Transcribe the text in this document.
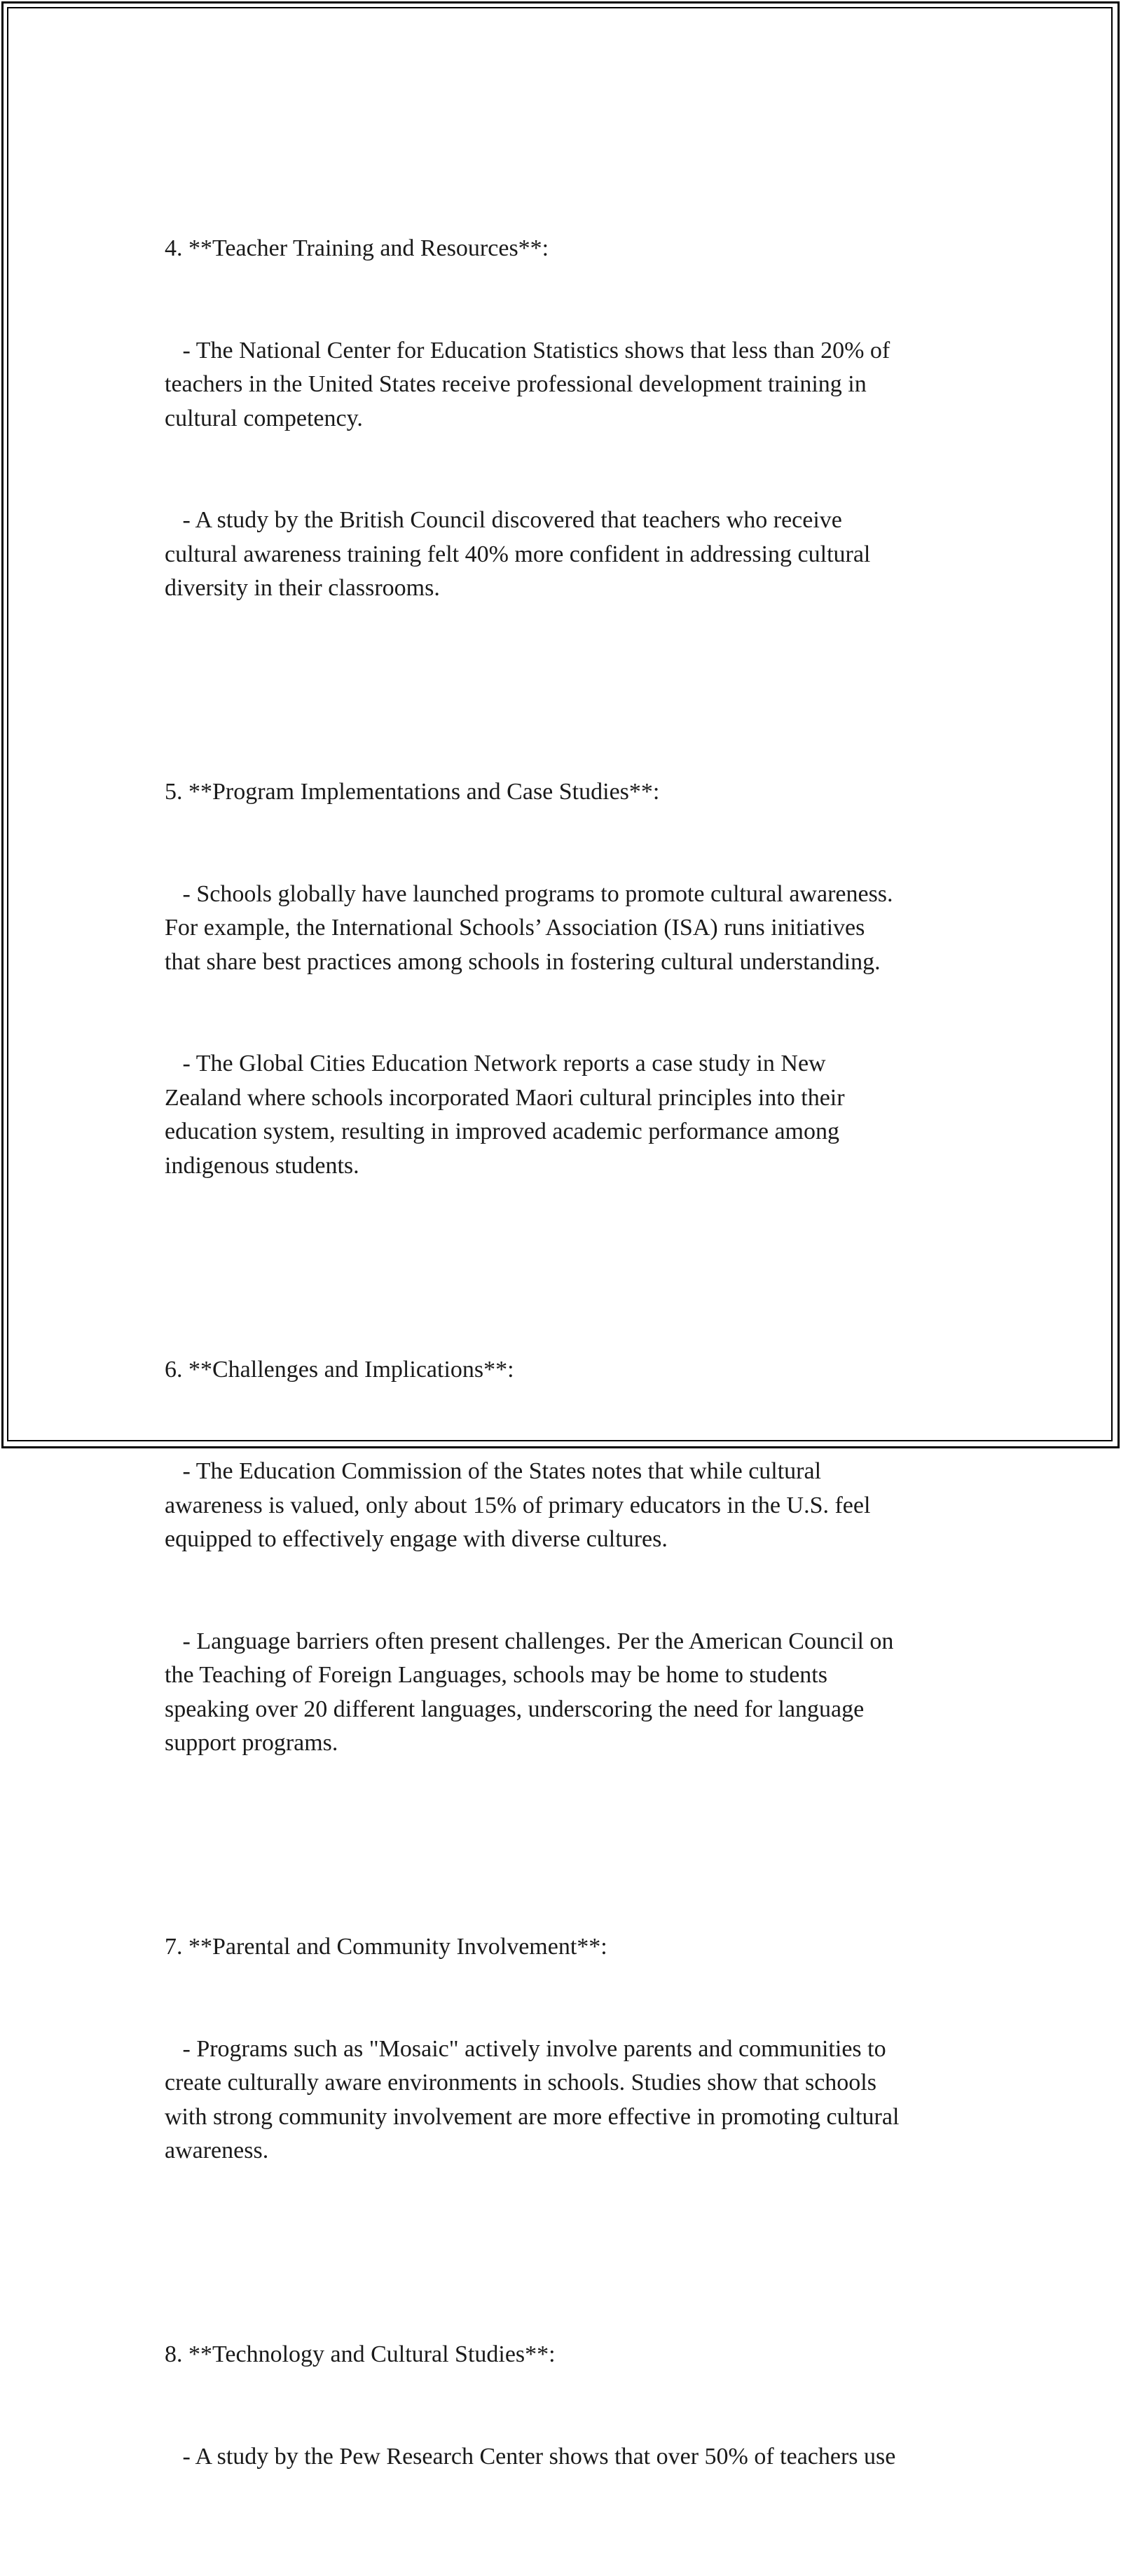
4. **Teacher Training and Resources**:

- The National Center for Education Statistics shows that less than 20% of
teachers in the United States receive professional development training in
cultural competency.

- A study by the British Council discovered that teachers who receive
cultural awareness training felt 40% more confident in addressing cultural
diversity in their classrooms.

5. **Program Implementations and Case Studies**:

- Schools globally have launched programs to promote cultural awareness.
For example, the International Schools’ Association (ISA) runs initiatives
that share best practices among schools in fostering cultural understanding.

- The Global Cities Education Network reports a case study in New
Zealand where schools incorporated Maori cultural principles into their
education system, resulting in improved academic performance among
indigenous students.

6. **Challenges and Implications**:

- The Education Commission of the States notes that while cultural
awareness is valued, only about 15% of primary educators in the U.S. feel
equipped to effectively engage with diverse cultures.

- Language barriers often present challenges. Per the American Council on
the Teaching of Foreign Languages, schools may be home to students
speaking over 20 different languages, underscoring the need for language
support programs.

7. **Parental and Community Involvement**:

- Programs such as "Mosaic" actively involve parents and communities to
create culturally aware environments in schools. Studies show that schools
with strong community involvement are more effective in promoting cultural
awareness.

8. **Technology and Cultural Studies**:

- A study by the Pew Research Center shows that over 50% of teachers use
